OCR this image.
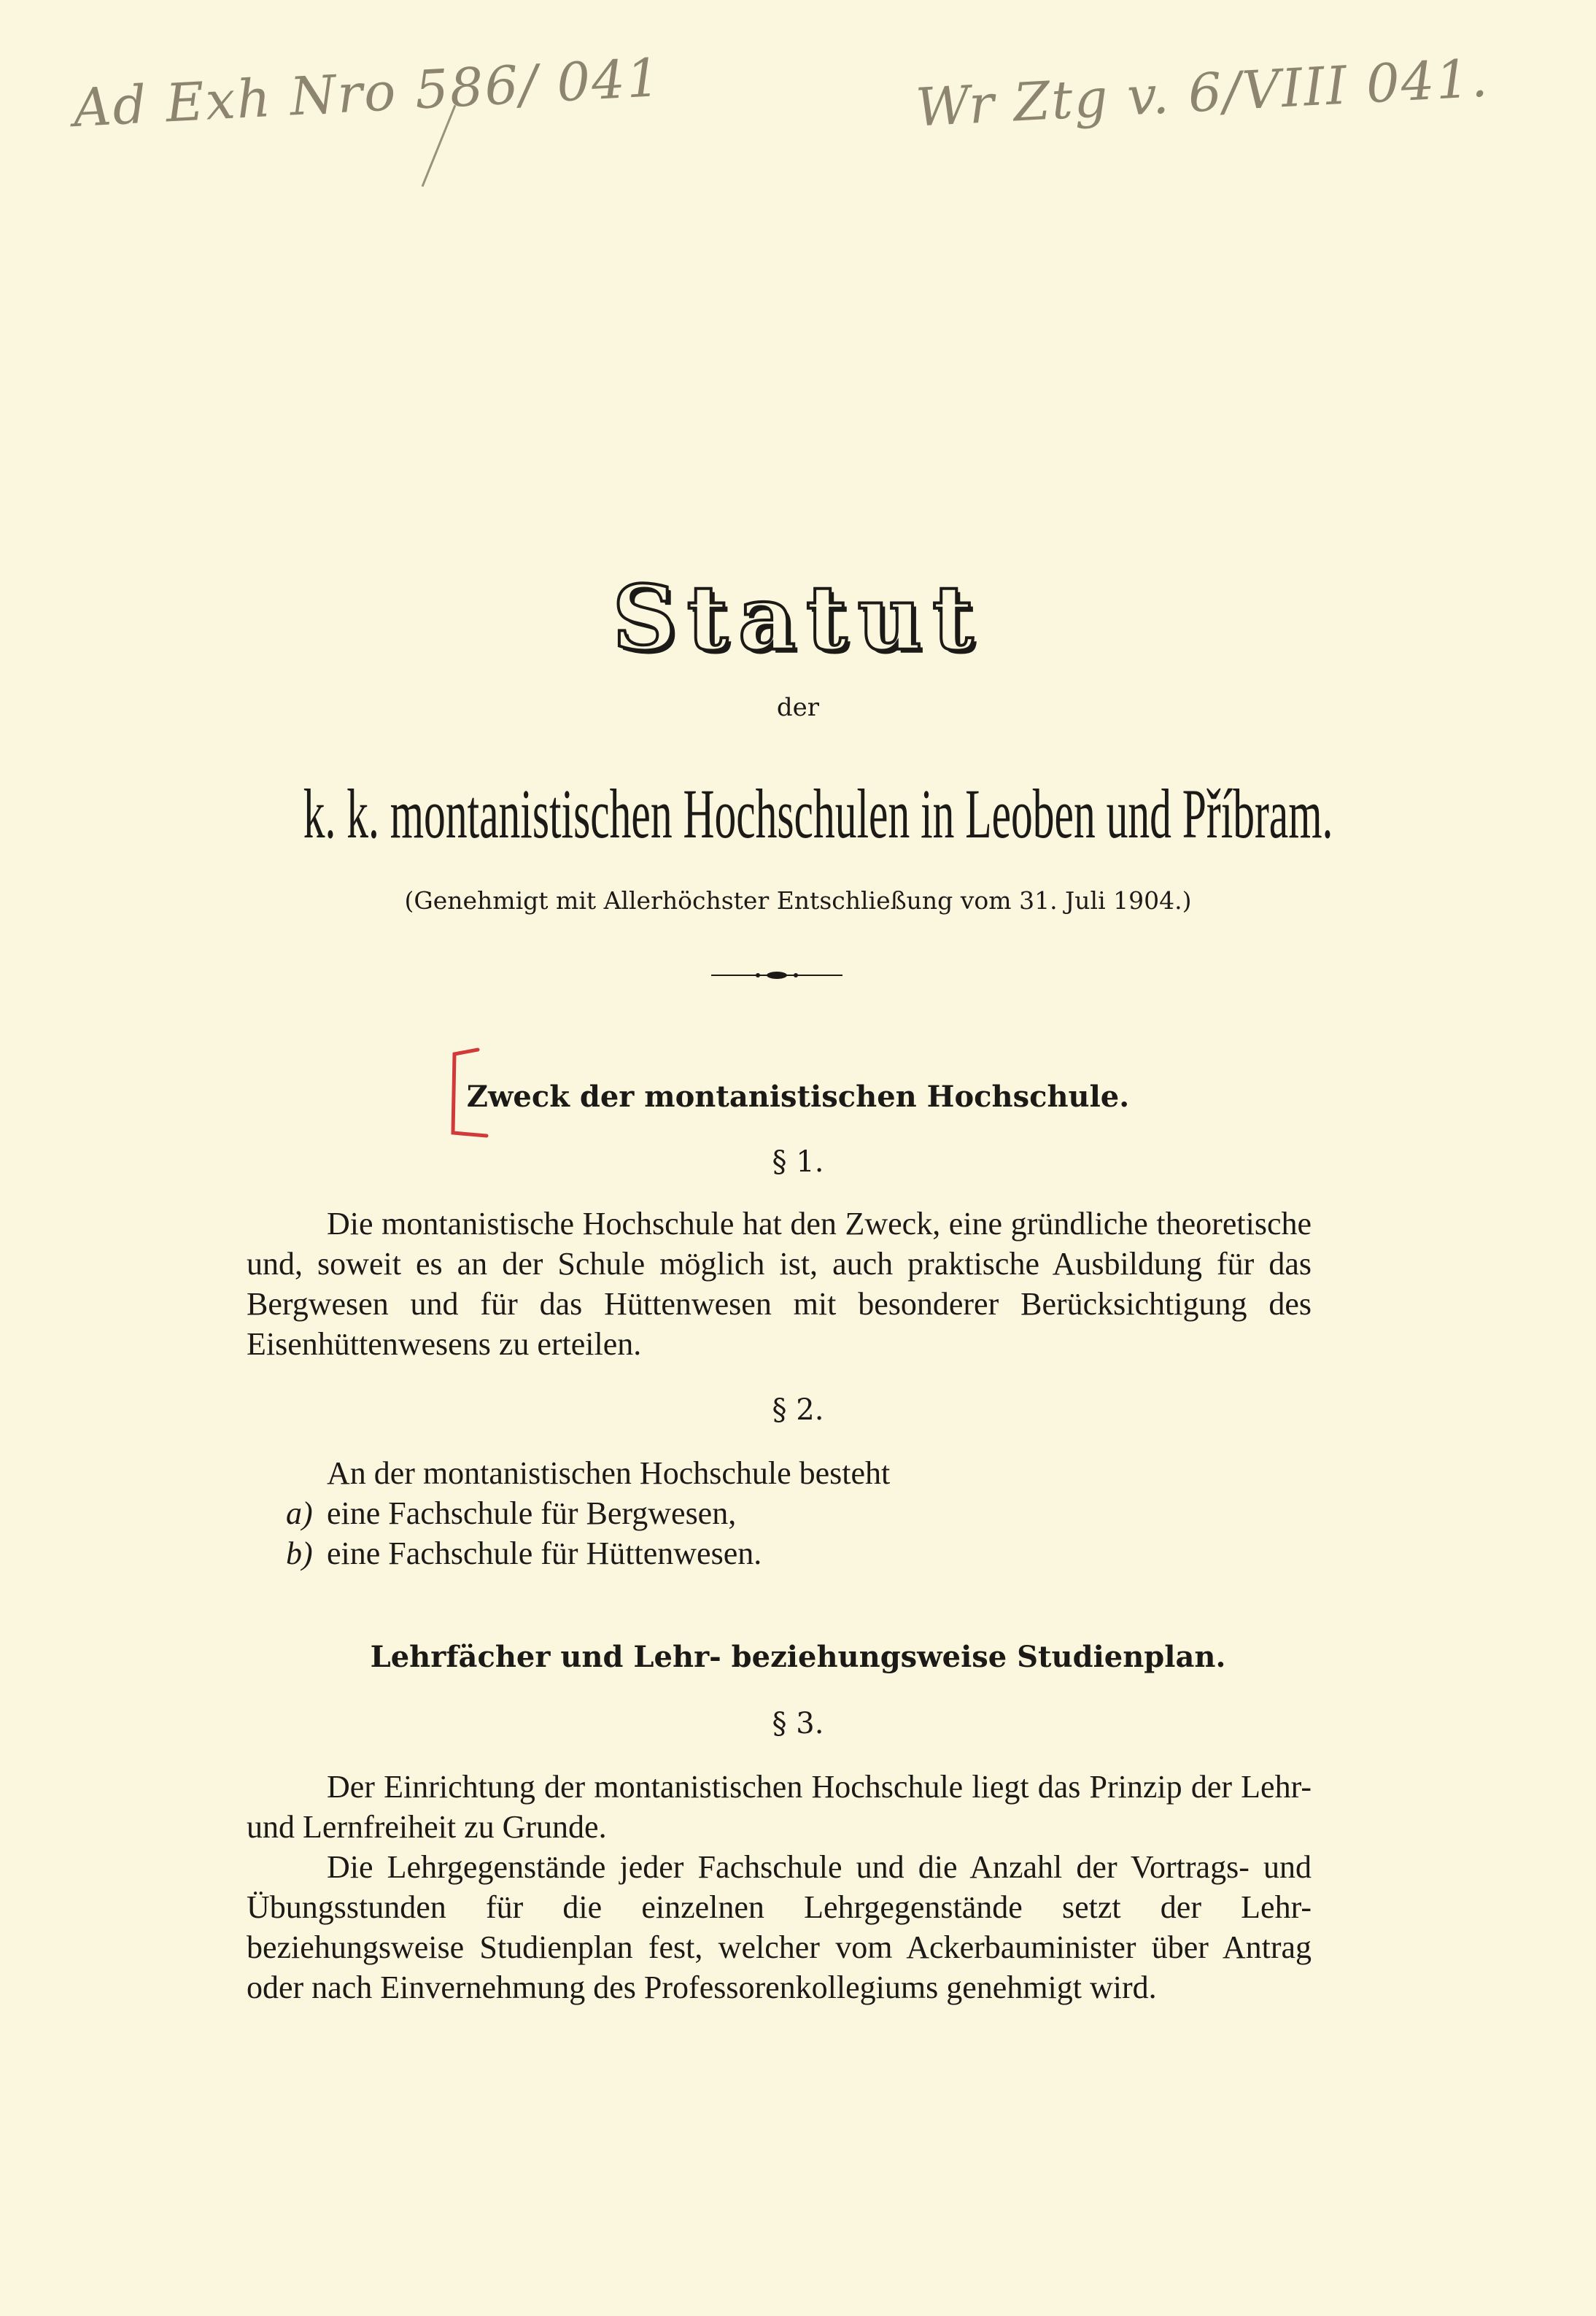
Ad Exh Nro 586/ 041	Wr Ztg v. 6/VIII 041.
Statut
der
k. k. montanistischen Hochschulen in Leoben und Příbram.
(Genehmigt mit Allerhöchster Entschließung vom 31. Juli 1904.)
Zweck der montanistischen Hochschule.
§ 1.

Die montanistische Hochschule hat den Zweck, eine gründliche theoretische und, soweit es an der Schule möglich ist, auch praktische Ausbildung für das Bergwesen und für das Hüttenwesen mit besonderer Berücksichtigung des Eisenhüttenwesens zu erteilen.

§ 2.

An der montanistischen Hochschule besteht

a) eine Fachschule für Bergwesen,
b) eine Fachschule für Hüttenwesen.
Lehrfächer und Lehr- beziehungsweise Studienplan.
§ 3.

Der Einrichtung der montanistischen Hochschule liegt das Prinzip der Lehr- und Lernfreiheit zu Grunde.

Die Lehrgegenstände jeder Fachschule und die Anzahl der Vortrags- und Übungsstunden für die einzelnen Lehrgegenstände setzt der Lehr- beziehungsweise Studienplan fest, welcher vom Ackerbauminister über Antrag oder nach Einvernehmung des Professorenkollegiums genehmigt wird.
